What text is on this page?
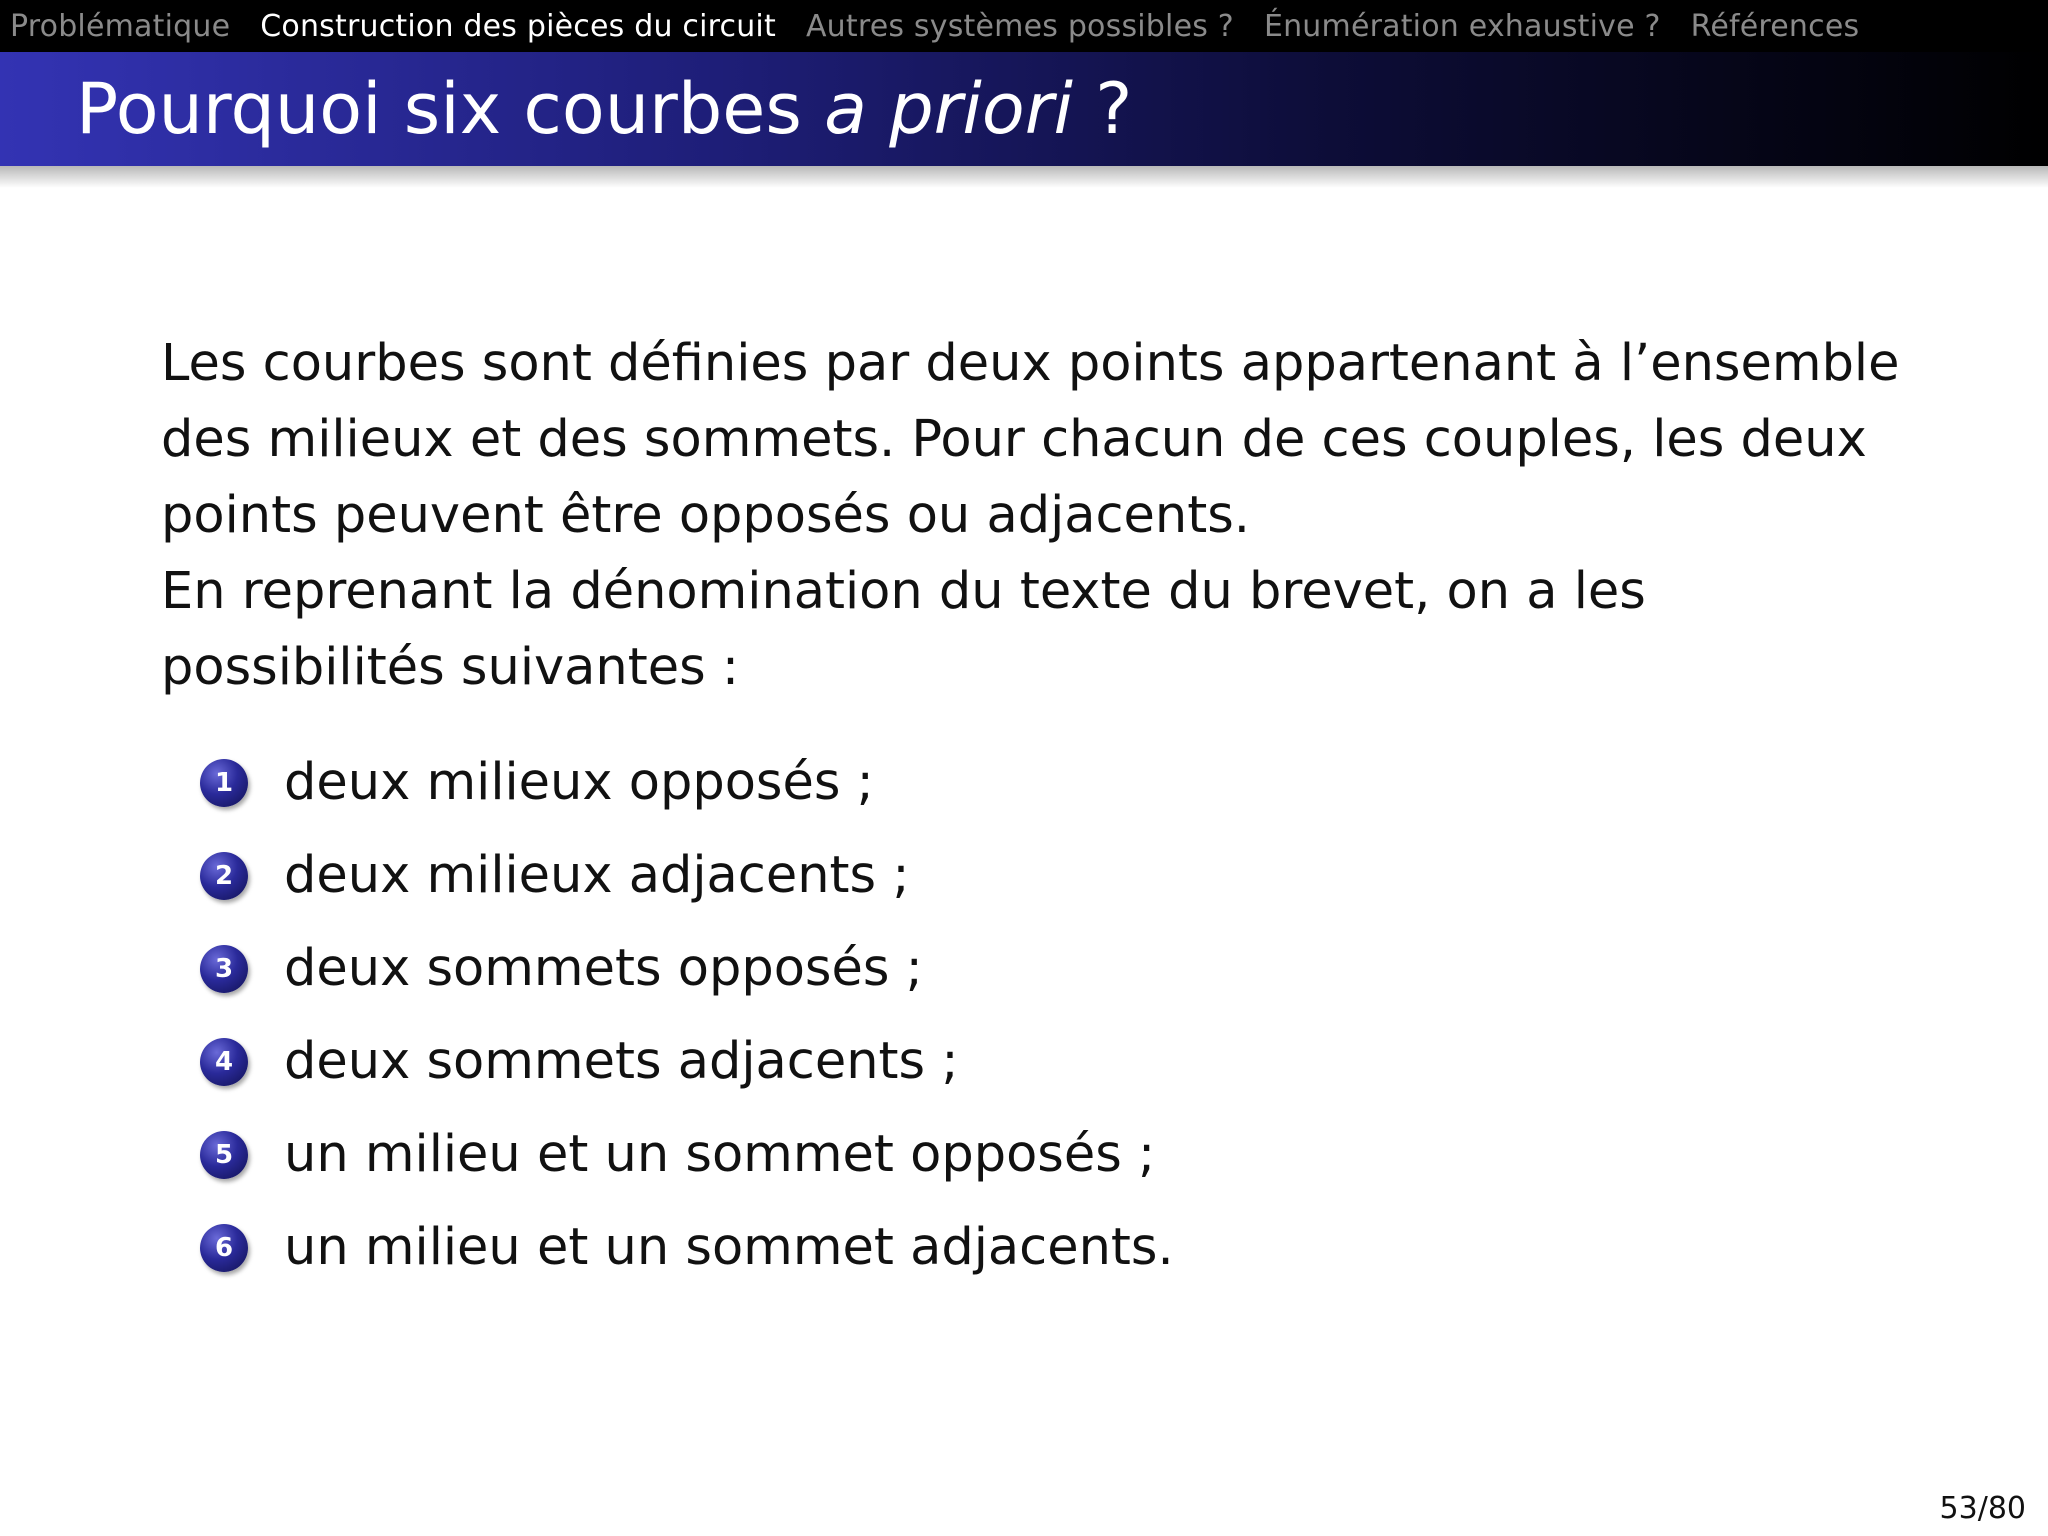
Problématique Construction des pièces du circuit Autres systèmes possibles ? Énumération exhaustive ? Références
Pourquoi six courbes a priori ?

Les courbes sont définies par deux points appartenant à l’ensemble des milieux et des sommets. Pour chacun de ces couples, les deux points peuvent être opposés ou adjacents.

En reprenant la dénomination du texte du brevet, on a les possibilités suivantes :

1 deux milieux opposés ;
2 deux milieux adjacents ;
3 deux sommets opposés ;
4 deux sommets adjacents ;
5 un milieu et un sommet opposés ;
6 un milieu et un sommet adjacents.
53/80
